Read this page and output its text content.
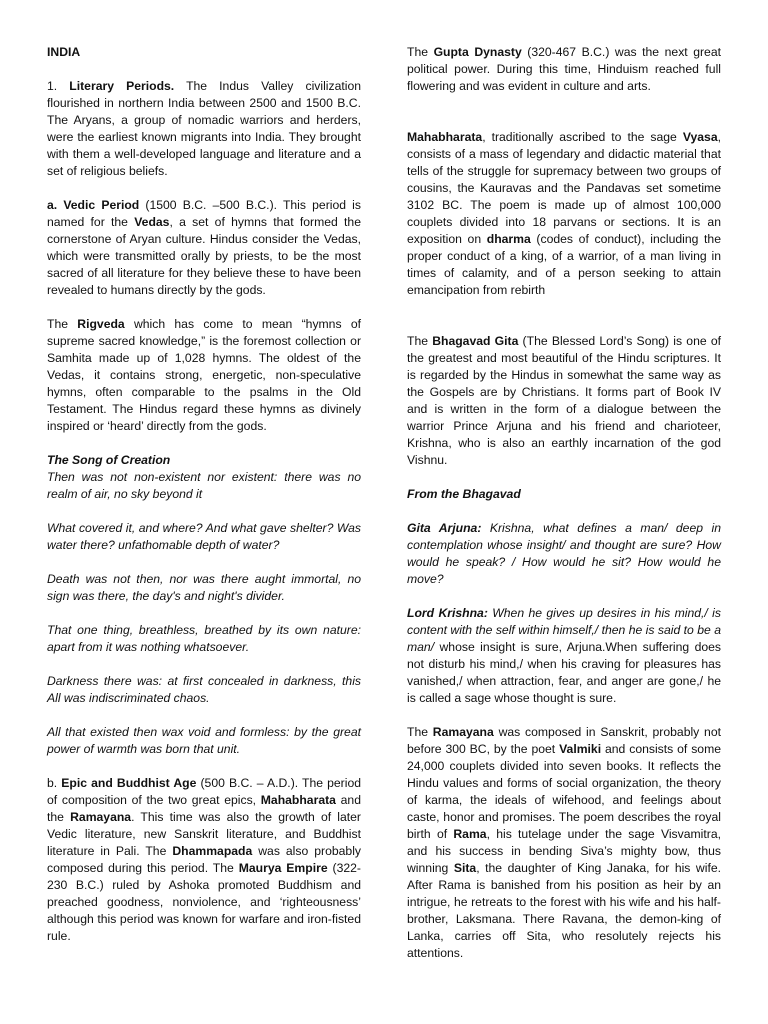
INDIA

1. Literary Periods. The Indus Valley civilization flourished in northern India between 2500 and 1500 B.C. The Aryans, a group of nomadic warriors and herders, were the earliest known migrants into India. They brought with them a well-developed language and literature and a set of religious beliefs.

a. Vedic Period (1500 B.C. –500 B.C.). This period is named for the Vedas, a set of hymns that formed the cornerstone of Aryan culture. Hindus consider the Vedas, which were transmitted orally by priests, to be the most sacred of all literature for they believe these to have been revealed to humans directly by the gods.

The Rigveda which has come to mean “hymns of supreme sacred knowledge,” is the foremost collection or Samhita made up of 1,028 hymns. The oldest of the Vedas, it contains strong, energetic, non-speculative hymns, often comparable to the psalms in the Old Testament. The Hindus regard these hymns as divinely inspired or ‘heard’ directly from the gods.

The Song of Creation

Then was not non-existent nor existent: there was no realm of air, no sky beyond it

What covered it, and where? And what gave shelter? Was water there? unfathomable depth of water?

Death was not then, nor was there aught immortal, no sign was there, the day's and night's divider.

That one thing, breathless, breathed by its own nature: apart from it was nothing whatsoever.

Darkness there was: at first concealed in darkness, this All was indiscriminated chaos.

All that existed then wax void and formless: by the great power of warmth was born that unit.

b. Epic and Buddhist Age (500 B.C. – A.D.). The period of composition of the two great epics, Mahabharata and the Ramayana. This time was also the growth of later Vedic literature, new Sanskrit literature, and Buddhist literature in Pali. The Dhammapada was also probably composed during this period. The Maurya Empire (322-230 B.C.) ruled by Ashoka promoted Buddhism and preached goodness, nonviolence, and ‘righteousness’ although this period was known for warfare and iron-fisted rule.

The Gupta Dynasty (320-467 B.C.) was the next great political power. During this time, Hinduism reached full flowering and was evident in culture and arts.

Mahabharata, traditionally ascribed to the sage Vyasa, consists of a mass of legendary and didactic material that tells of the struggle for supremacy between two groups of cousins, the Kauravas and the Pandavas set sometime 3102 BC. The poem is made up of almost 100,000 couplets divided into 18 parvans or sections. It is an exposition on dharma (codes of conduct), including the proper conduct of a king, of a warrior, of a man living in times of calamity, and of a person seeking to attain emancipation from rebirth

The Bhagavad Gita (The Blessed Lord’s Song) is one of the greatest and most beautiful of the Hindu scriptures. It is regarded by the Hindus in somewhat the same way as the Gospels are by Christians. It forms part of Book IV and is written in the form of a dialogue between the warrior Prince Arjuna and his friend and charioteer, Krishna, who is also an earthly incarnation of the god Vishnu.

From the Bhagavad

Gita Arjuna: Krishna, what defines a man/ deep in contemplation whose insight/ and thought are sure? How would he speak? / How would he sit? How would he move?

Lord Krishna: When he gives up desires in his mind,/ is content with the self within himself,/ then he is said to be a man/ whose insight is sure, Arjuna.When suffering does not disturb his mind,/ when his craving for pleasures has vanished,/ when attraction, fear, and anger are gone,/ he is called a sage whose thought is sure.

The Ramayana was composed in Sanskrit, probably not before 300 BC, by the poet Valmiki and consists of some 24,000 couplets divided into seven books. It reflects the Hindu values and forms of social organization, the theory of karma, the ideals of wifehood, and feelings about caste, honor and promises. The poem describes the royal birth of Rama, his tutelage under the sage Visvamitra, and his success in bending Siva’s mighty bow, thus winning Sita, the daughter of King Janaka, for his wife. After Rama is banished from his position as heir by an intrigue, he retreats to the forest with his wife and his half-brother, Laksmana. There Ravana, the demon-king of Lanka, carries off Sita, who resolutely rejects his attentions.
